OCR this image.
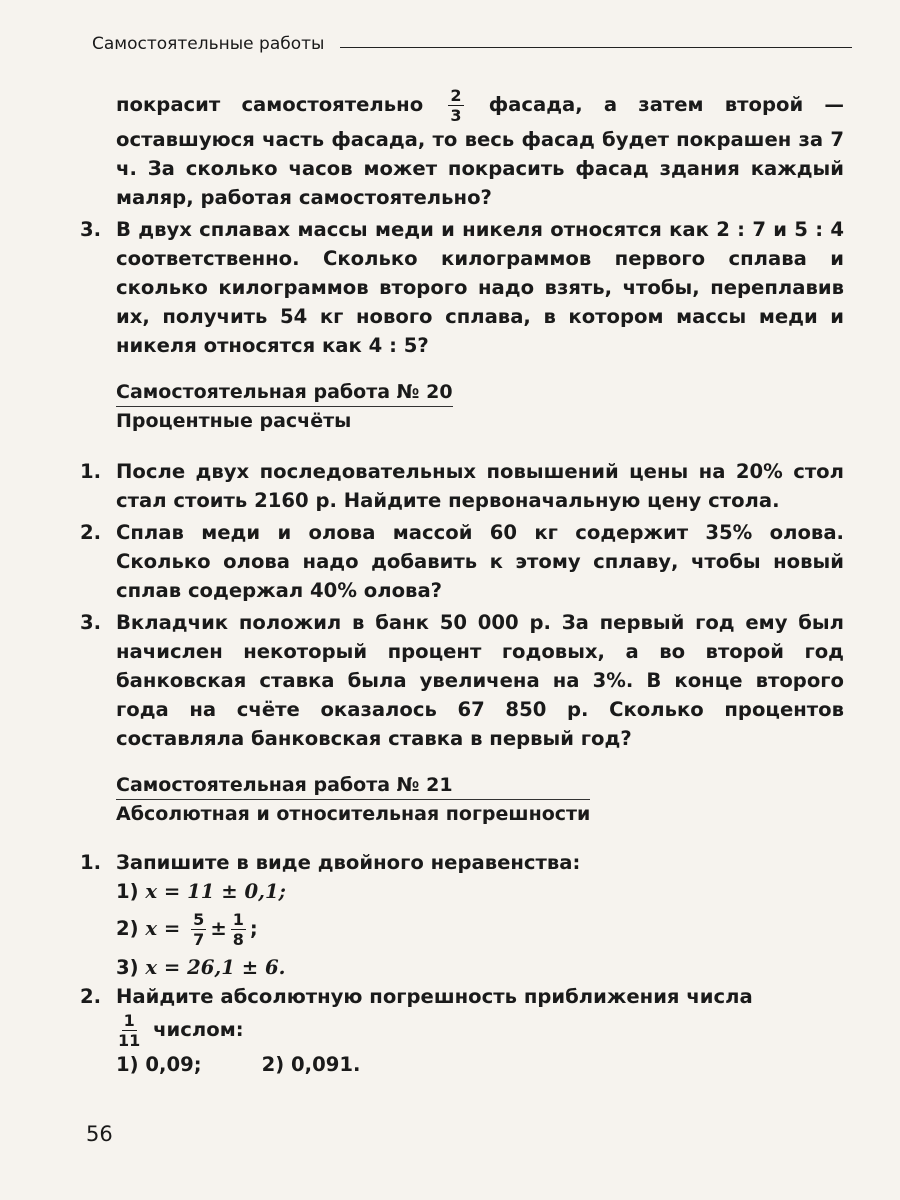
Самостоятельные работы

покрасит самостоятельно $\frac{2}{3}$ фасада, а затем второй — оставшуюся часть фасада, то весь фасад будет покрашен за 7 ч. За сколько часов может покрасить фасад здания каждый маляр, работая самостоятельно?

3. В двух сплавах массы меди и никеля относятся как 2 : 7 и 5 : 4 соответственно. Сколько килограммов первого сплава и сколько килограммов второго надо взять, чтобы, переплавив их, получить 54 кг нового сплава, в котором массы меди и никеля относятся как 4 : 5?
Самостоятельная работа № 20
Процентные расчёты
1. После двух последовательных повышений цены на 20% стол стал стоить 2160 р. Найдите первоначальную цену стола.
2. Сплав меди и олова массой 60 кг содержит 35% олова. Сколько олова надо добавить к этому сплаву, чтобы новый сплав содержал 40% олова?
3. Вкладчик положил в банк 50 000 р. За первый год ему был начислен некоторый процент годовых, а во второй год банковская ставка была увеличена на 3%. В конце второго года на счёте оказалось 67 850 р. Сколько процентов составляла банковская ставка в первый год?
Самостоятельная работа № 21
Абсолютная и относительная погрешности
1. Запишите в виде двойного неравенства:
1) x = 11 ± 0,1;
2) $x = \frac{5}{7} \pm \frac{1}{8}$ ;
3) x = 26,1 ± 6.
2. Найдите абсолютную погрешность приближения числа
$\frac{1}{11}$ числом:
1) 0,09;	2) 0,091.
56
